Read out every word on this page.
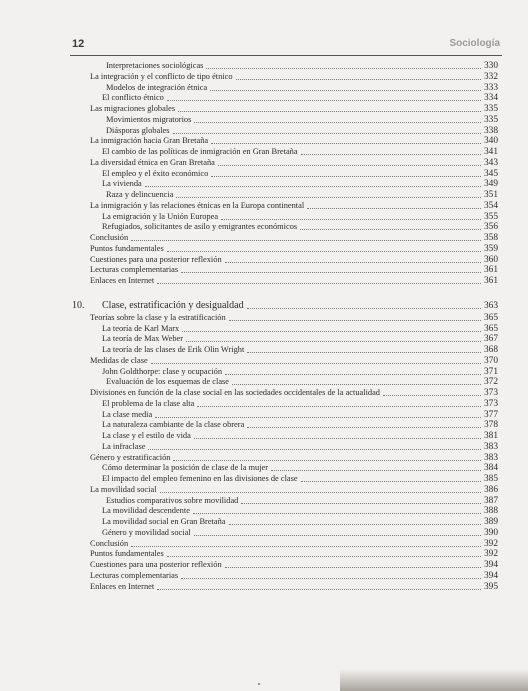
12	Sociología
Interpretaciones sociológicas	330
La integración y el conflicto de tipo étnico	332
Modelos de integración étnica	333
El conflicto étnico	334
Las migraciones globales	335
Movimientos migratorios	335
Diásporas globales	338
La inmigración hacia Gran Bretaña	340
El cambio de las políticas de inmigración en Gran Bretaña	341
La diversidad étnica en Gran Bretaña	343
El empleo y el éxito económico	345
La vivienda	349
Raza y delincuencia	351
La inmigración y las relaciones étnicas en la Europa continental	354
La emigración y la Unión Europea	355
Refugiados, solicitantes de asilo y emigrantes económicos	356
Conclusión	358
Puntos fundamentales	359
Cuestiones para una posterior reflexión	360
Lecturas complementarias	361
Enlaces en Internet	361
10. Clase, estratificación y desigualdad	363
Teorías sobre la clase y la estratificación	365
La teoría de Karl Marx	365
La teoría de Max Weber	367
La teoría de las clases de Erik Olin Wright	368
Medidas de clase	370
John Goldthorpe: clase y ocupación	371
Evaluación de los esquemas de clase	372
Divisiones en función de la clase social en las sociedades occidentales de la actualidad	373
El problema de la clase alta	373
La clase media	377
La naturaleza cambiante de la clase obrera	378
La clase y el estilo de vida	381
La infraclase	383
Género y estratificación	383
Cómo determinar la posición de clase de la mujer	384
El impacto del empleo femenino en las divisiones de clase	385
La movilidad social	386
Estudios comparativos sobre movilidad	387
La movilidad descendente	388
La movilidad social en Gran Bretaña	389
Género y movilidad social	390
Conclusión	392
Puntos fundamentales	392
Cuestiones para una posterior reflexión	394
Lecturas complementarias	394
Enlaces en Internet	395
